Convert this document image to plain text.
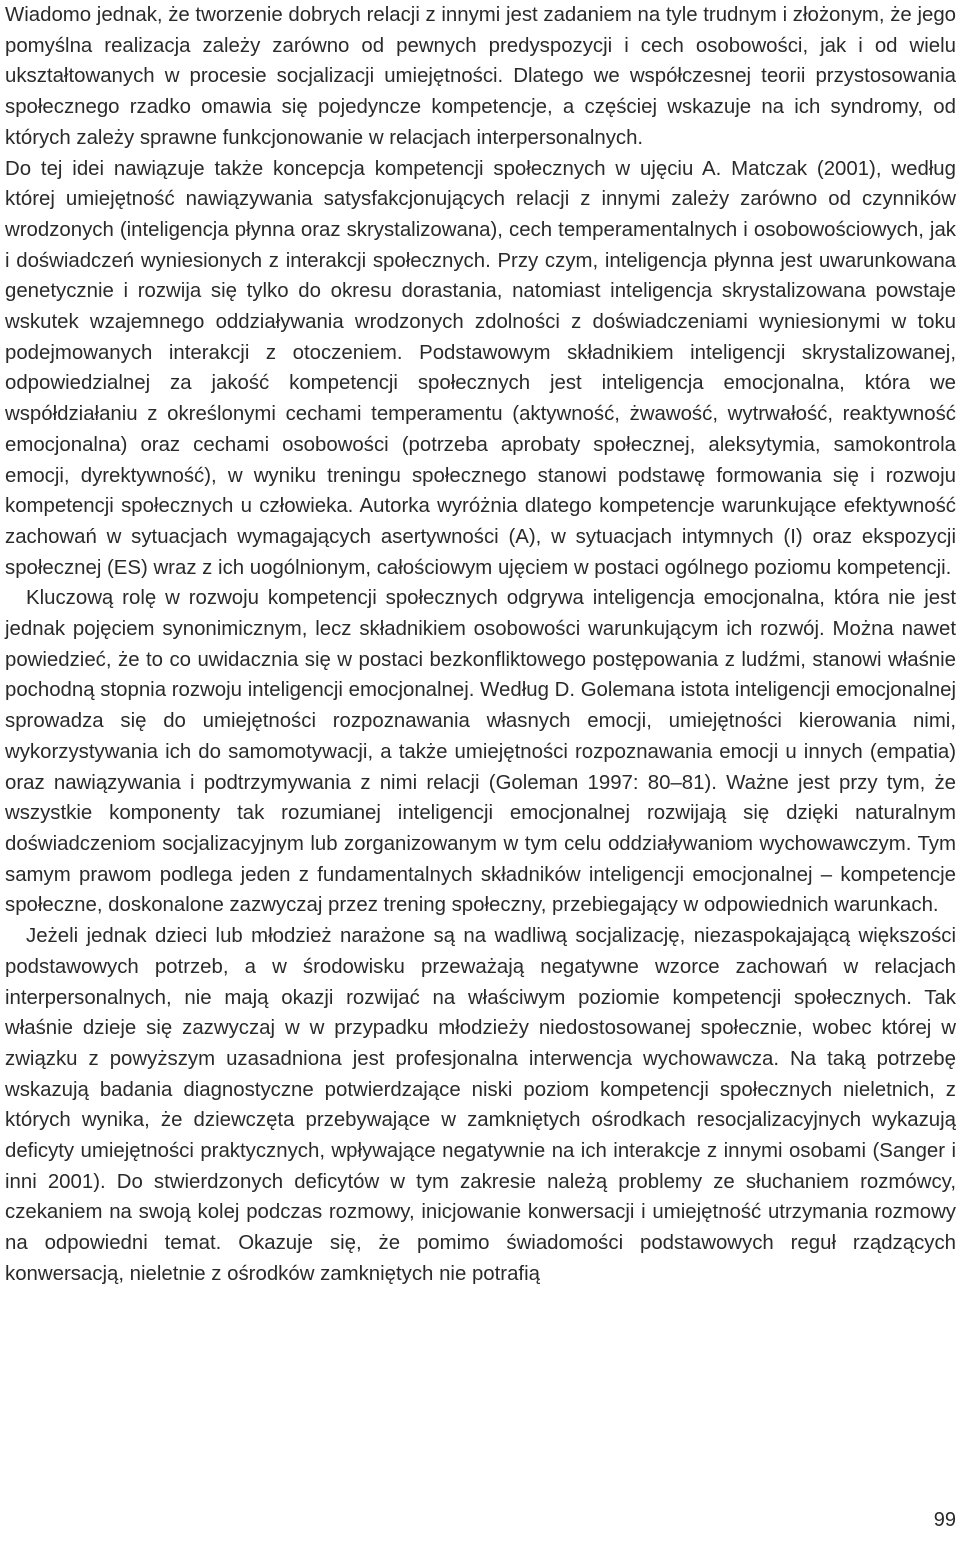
Wiadomo jednak, że tworzenie dobrych relacji z innymi jest zadaniem na tyle trudnym i złożonym, że jego pomyślna realizacja zależy zarówno od pewnych predyspozycji i cech osobowości, jak i od wielu ukształtowanych w procesie socjalizacji umiejętności. Dlatego we współczesnej teorii przystosowania społecznego rzadko omawia się pojedyncze kompetencje, a częściej wskazuje na ich syndromy, od których zależy sprawne funkcjonowanie w relacjach interpersonalnych.

Do tej idei nawiązuje także koncepcja kompetencji społecznych w ujęciu A. Matczak (2001), według której umiejętność nawiązywania satysfakcjonujących relacji z innymi zależy zarówno od czynników wrodzonych (inteligencja płynna oraz skrystalizowana), cech temperamentalnych i osobowościowych, jak i doświadczeń wyniesionych z interakcji społecznych. Przy czym, inteligencja płynna jest uwarunkowana genetycznie i rozwija się tylko do okresu dorastania, natomiast inteligencja skrystalizowana powstaje wskutek wzajemnego oddziaływania wrodzonych zdolności z doświadczeniami wyniesionymi w toku podejmowanych interakcji z otoczeniem. Podstawowym składnikiem inteligencji skrystalizowanej, odpowiedzialnej za jakość kompetencji społecznych jest inteligencja emocjonalna, która we współdziałaniu z określonymi cechami temperamentu (aktywność, żwawość, wytrwałość, reaktywność emocjonalna) oraz cechami osobowości (potrzeba aprobaty społecznej, aleksytymia, samokontrola emocji, dyrektywność), w wyniku treningu społecznego stanowi podstawę formowania się i rozwoju kompetencji społecznych u człowieka. Autorka wyróżnia dlatego kompetencje warunkujące efektywność zachowań w sytuacjach wymagających asertywności (A), w sytuacjach intymnych (I) oraz ekspozycji społecznej (ES) wraz z ich uogólnionym, całościowym ujęciem w postaci ogólnego poziomu kompetencji.

Kluczową rolę w rozwoju kompetencji społecznych odgrywa inteligencja emocjonalna, która nie jest jednak pojęciem synonimicznym, lecz składnikiem osobowości warunkującym ich rozwój. Można nawet powiedzieć, że to co uwidacznia się w postaci bezkonfliktowego postępowania z ludźmi, stanowi właśnie pochodną stopnia rozwoju inteligencji emocjonalnej. Według D. Golemana istota inteligencji emocjonalnej sprowadza się do umiejętności rozpoznawania własnych emocji, umiejętności kierowania nimi, wykorzystywania ich do samomotywacji, a także umiejętności rozpoznawania emocji u innych (empatia) oraz nawiązywania i podtrzymywania z nimi relacji (Goleman 1997: 80–81). Ważne jest przy tym, że wszystkie komponenty tak rozumianej inteligencji emocjonalnej rozwijają się dzięki naturalnym doświadczeniom socjalizacyjnym lub zorganizowanym w tym celu oddziaływaniom wychowawczym. Tym samym prawom podlega jeden z fundamentalnych składników inteligencji emocjonalnej – kompetencje społeczne, doskonalone zazwyczaj przez trening społeczny, przebiegający w odpowiednich warunkach.

Jeżeli jednak dzieci lub młodzież narażone są na wadliwą socjalizację, niezaspokajającą większości podstawowych potrzeb, a w środowisku przeważają negatywne wzorce zachowań w relacjach interpersonalnych, nie mają okazji rozwijać na właściwym poziomie kompetencji społecznych. Tak właśnie dzieje się zazwyczaj w w przypadku młodzieży niedostosowanej społecznie, wobec której w związku z powyższym uzasadniona jest profesjonalna interwencja wychowawcza. Na taką potrzebę wskazują badania diagnostyczne potwierdzające niski poziom kompetencji społecznych nieletnich, z których wynika, że dziewczęta przebywające w zamkniętych ośrodkach resocjalizacyjnych wykazują deficyty umiejętności praktycznych, wpływające negatywnie na ich interakcje z innymi osobami (Sanger i inni 2001). Do stwierdzonych deficytów w tym zakresie należą problemy ze słuchaniem rozmówcy, czekaniem na swoją kolej podczas rozmowy, inicjowanie konwersacji i umiejętność utrzymania rozmowy na odpowiedni temat. Okazuje się, że pomimo świadomości podstawowych reguł rządzących konwersacją, nieletnie z ośrodków zamkniętych nie potrafią

99
